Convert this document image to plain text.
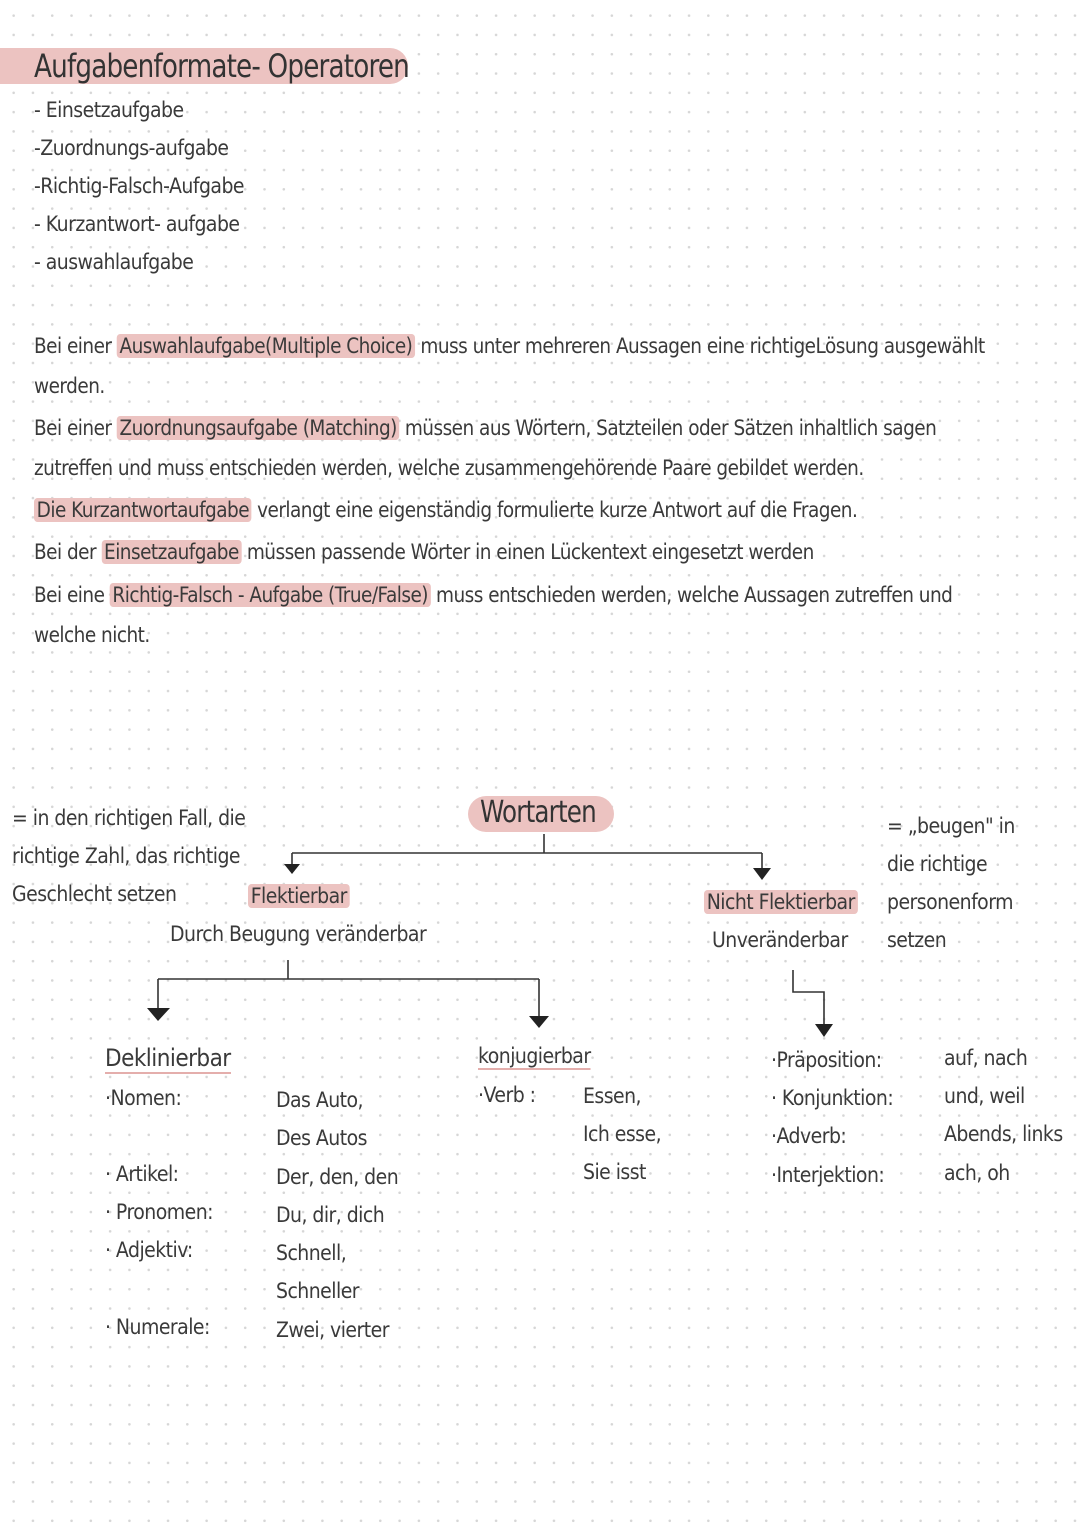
Aufgabenformate- Operatoren
- Einsetzaufgabe
-Zuordnungs-aufgabe
-Richtig-Falsch-Aufgabe
- Kurzantwort- aufgabe
- auswahlaufgabe
Bei einer Auswahlaufgabe(Multiple Choice) muss unter mehreren Aussagen eine richtigeLösung ausgewählt
werden.
Bei einer Zuordnungsaufgabe (Matching) müssen aus Wörtern, Satzteilen oder Sätzen inhaltlich sagen
zutreffen und muss entschieden werden, welche zusammengehörende Paare gebildet werden.
Die Kurzantwortaufgabe verlangt eine eigenständig formulierte kurze Antwort auf die Fragen.
Bei der Einsetzaufgabe müssen passende Wörter in einen Lückentext eingesetzt werden
Bei eine Richtig-Falsch - Aufgabe (True/False) muss entschieden werden, welche Aussagen zutreffen und
welche nicht.
Wortarten
= in den richtigen Fall, die
richtige Zahl, das richtige
Geschlecht setzen
= „beugen" in
die richtige
personenform
setzen
Flektierbar
Durch Beugung veränderbar
Nicht Flektierbar
Unveränderbar
Deklinierbar
·Nomen:	Das Auto,
Des Autos
· Artikel:	Der, den, den
· Pronomen:	Du, dir, dich
· Adjektiv:	Schnell,
Schneller
· Numerale:	Zwei, vierter
konjugierbar
·Verb : Essen,
Ich esse,
Sie isst
·Präposition:	auf, nach
· Konjunktion: und, weil
·Adverb:	Abends, links
·Interjektion:	ach, oh
